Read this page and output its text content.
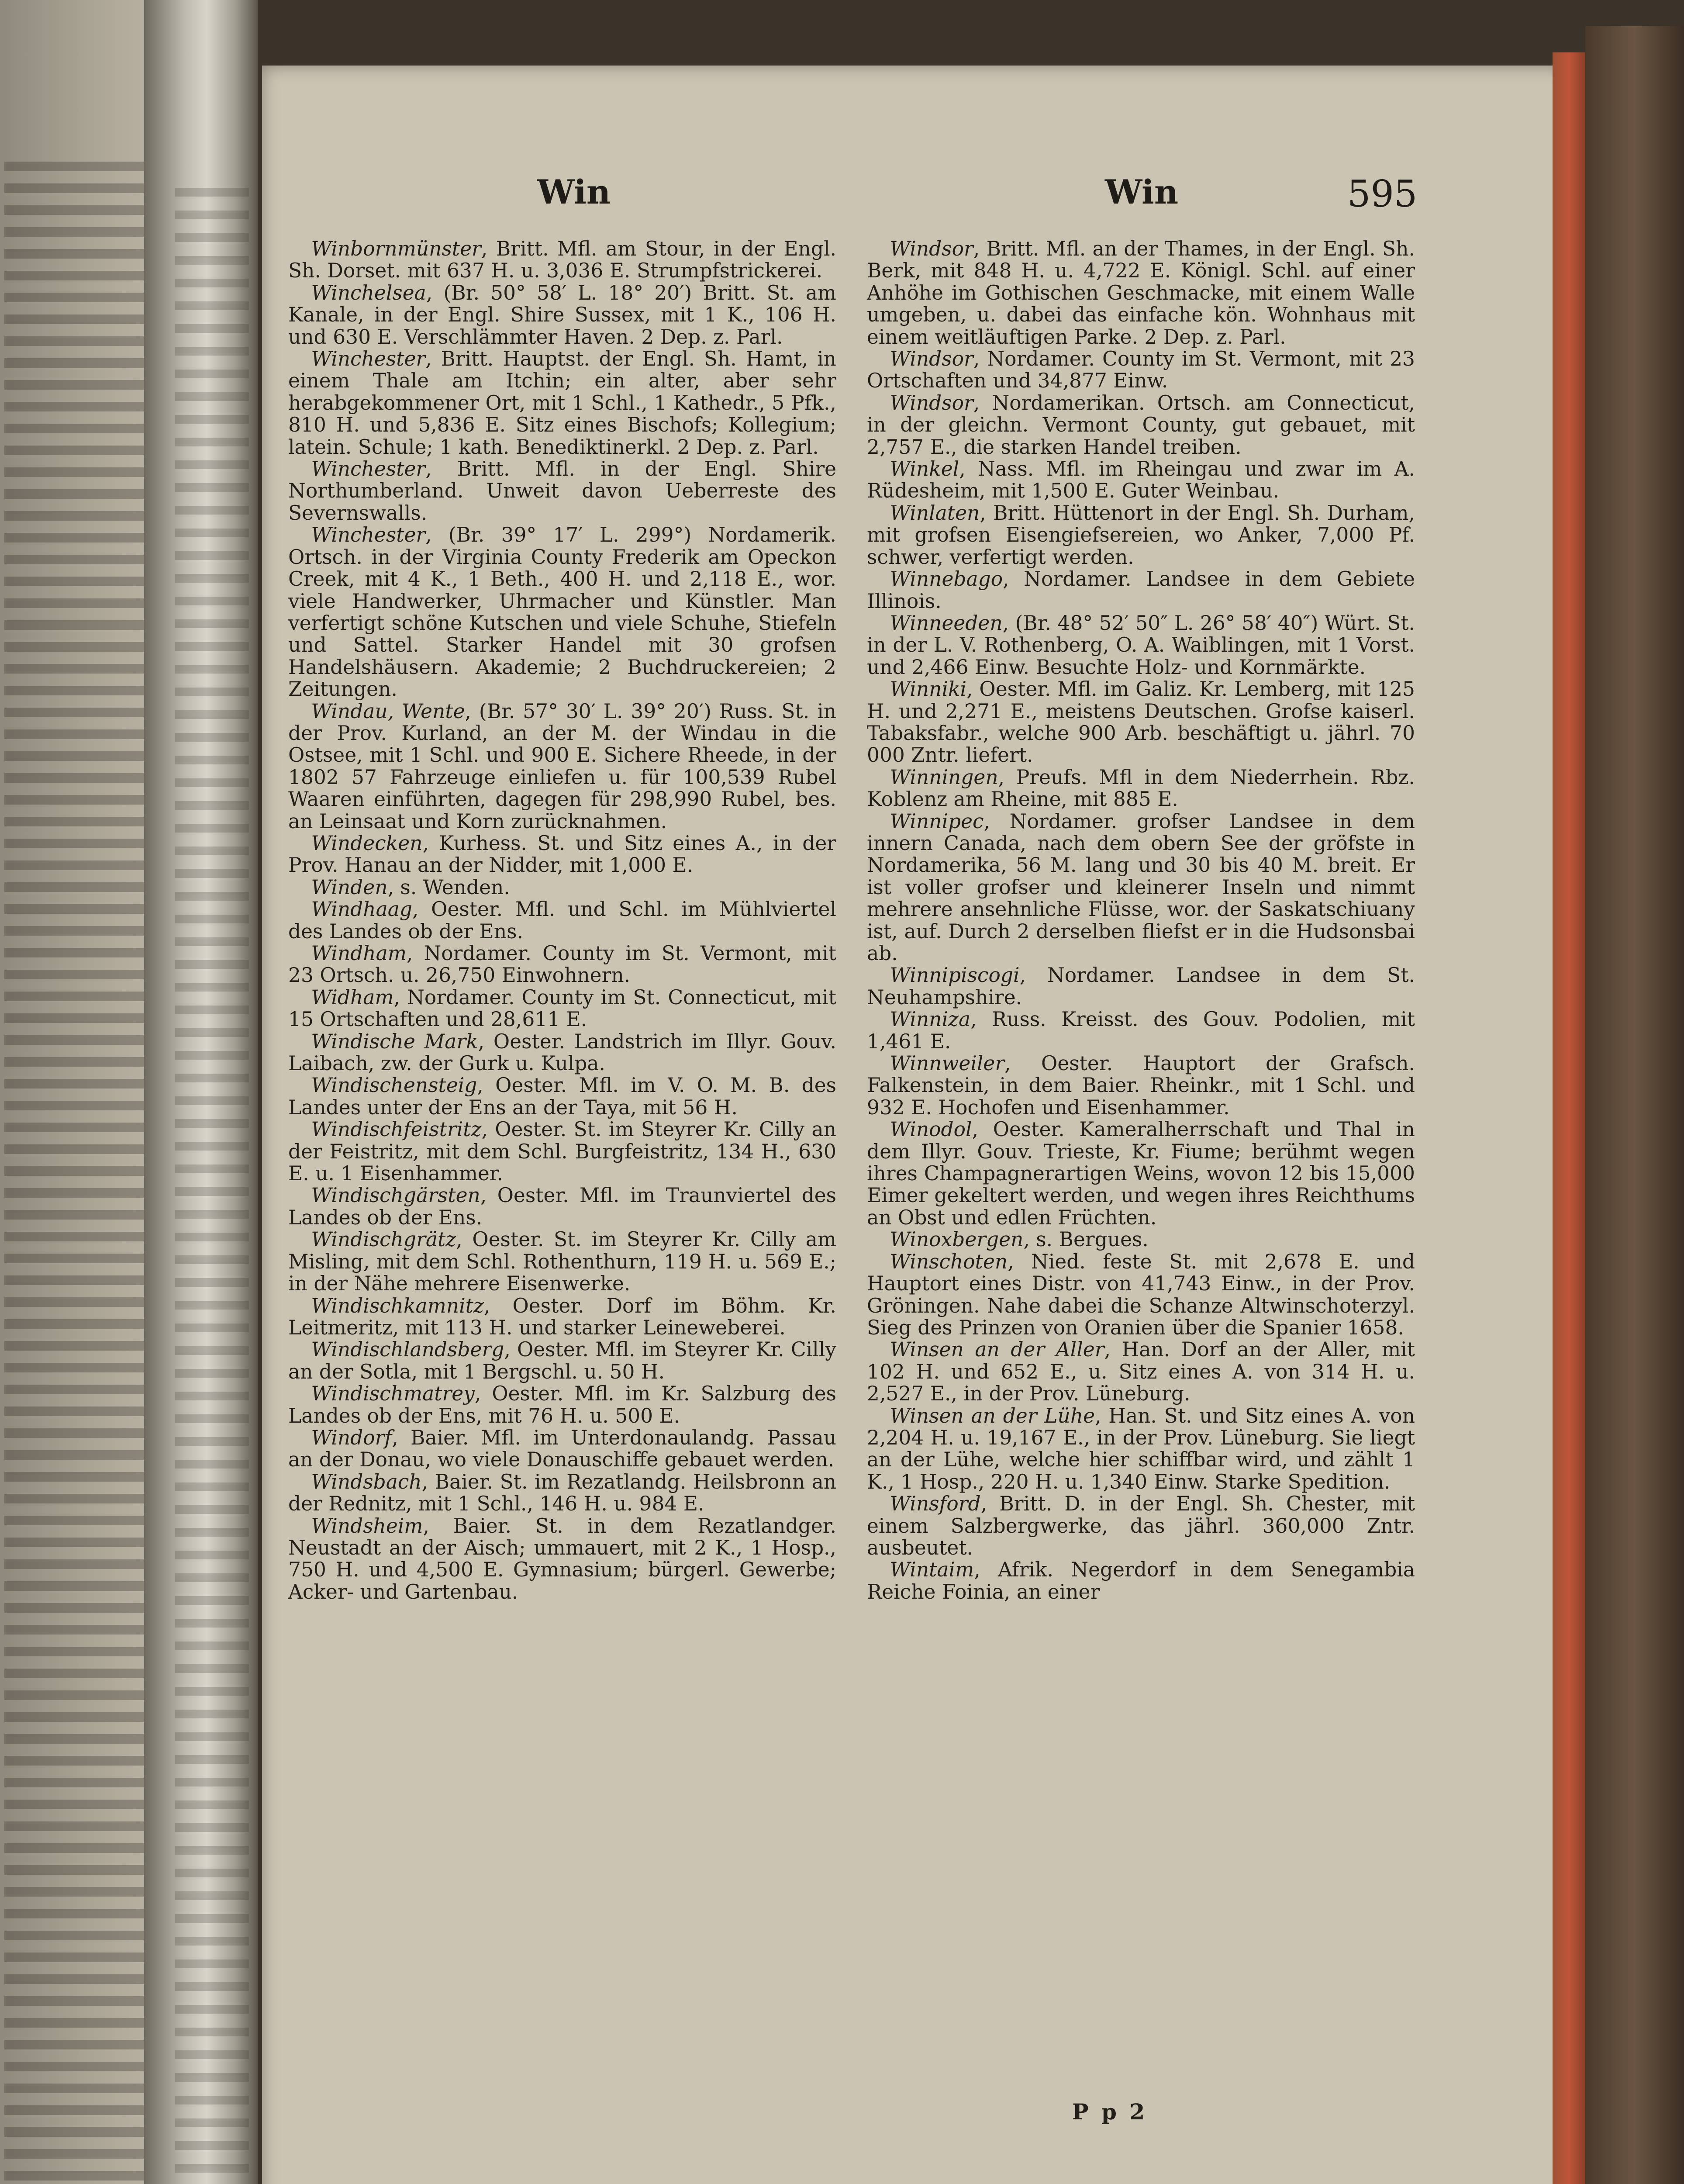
Win	Win	595

Winbornmünster, Britt. Mfl. am Stour, in der Engl. Sh. Dorset. mit 637 H. u. 3,036 E. Strumpfstrickerei.

Winchelsea, (Br. 50° 58′ L. 18° 20′) Britt. St. am Kanale, in der Engl. Shire Sussex, mit 1 K., 106 H. und 630 E. Verschlämmter Haven. 2 Dep. z. Parl.

Winchester, Britt. Hauptst. der Engl. Sh. Hamt, in einem Thale am Itchin; ein alter, aber sehr herabgekommener Ort, mit 1 Schl., 1 Kathedr., 5 Pfk., 810 H. und 5,836 E. Sitz eines Bischofs; Kollegium; latein. Schule; 1 kath. Benediktinerkl. 2 Dep. z. Parl.

Winchester, Britt. Mfl. in der Engl. Shire Northumberland. Unweit davon Ueberreste des Severnswalls.

Winchester, (Br. 39° 17′ L. 299°) Nordamerik. Ortsch. in der Virginia County Frederik am Opeckon Creek, mit 4 K., 1 Beth., 400 H. und 2,118 E., wor. viele Handwerker, Uhrmacher und Künstler. Man verfertigt schöne Kutschen und viele Schuhe, Stiefeln und Sattel. Starker Handel mit 30 grofsen Handelshäusern. Akademie; 2 Buchdruckereien; 2 Zeitungen.

Windau, Wente, (Br. 57° 30′ L. 39° 20′) Russ. St. in der Prov. Kurland, an der M. der Windau in die Ostsee, mit 1 Schl. und 900 E. Sichere Rheede, in der 1802 57 Fahrzeuge einliefen u. für 100,539 Rubel Waaren einführten, dagegen für 298,990 Rubel, bes. an Leinsaat und Korn zurücknahmen.

Windecken, Kurhess. St. und Sitz eines A., in der Prov. Hanau an der Nidder, mit 1,000 E.

Winden, s. Wenden.

Windhaag, Oester. Mfl. und Schl. im Mühlviertel des Landes ob der Ens.

Windham, Nordamer. County im St. Vermont, mit 23 Ortsch. u. 26,750 Einwohnern.

Widham, Nordamer. County im St. Connecticut, mit 15 Ortschaften und 28,611 E.

Windische Mark, Oester. Landstrich im Illyr. Gouv. Laibach, zw. der Gurk u. Kulpa.

Windischensteig, Oester. Mfl. im V. O. M. B. des Landes unter der Ens an der Taya, mit 56 H.

Windischfeistritz, Oester. St. im Steyrer Kr. Cilly an der Feistritz, mit dem Schl. Burgfeistritz, 134 H., 630 E. u. 1 Eisenhammer.

Windischgärsten, Oester. Mfl. im Traunviertel des Landes ob der Ens.

Windischgrätz, Oester. St. im Steyrer Kr. Cilly am Misling, mit dem Schl. Rothenthurn, 119 H. u. 569 E.; in der Nähe mehrere Eisenwerke.

Windischkamnitz, Oester. Dorf im Böhm. Kr. Leitmeritz, mit 113 H. und starker Leineweberei.

Windischlandsberg, Oester. Mfl. im Steyrer Kr. Cilly an der Sotla, mit 1 Bergschl. u. 50 H.

Windischmatrey, Oester. Mfl. im Kr. Salzburg des Landes ob der Ens, mit 76 H. u. 500 E.

Windorf, Baier. Mfl. im Unterdonaulandg. Passau an der Donau, wo viele Donauschiffe gebauet werden.

Windsbach, Baier. St. im Rezatlandg. Heilsbronn an der Rednitz, mit 1 Schl., 146 H. u. 984 E.

Windsheim, Baier. St. in dem Rezatlandger. Neustadt an der Aisch; ummauert, mit 2 K., 1 Hosp., 750 H. und 4,500 E. Gymnasium; bürgerl. Gewerbe; Acker- und Gartenbau.

Windsor, Britt. Mfl. an der Thames, in der Engl. Sh. Berk, mit 848 H. u. 4,722 E. Königl. Schl. auf einer Anhöhe im Gothischen Geschmacke, mit einem Walle umgeben, u. dabei das einfache kön. Wohnhaus mit einem weitläuftigen Parke. 2 Dep. z. Parl.

Windsor, Nordamer. County im St. Vermont, mit 23 Ortschaften und 34,877 Einw.

Windsor, Nordamerikan. Ortsch. am Connecticut, in der gleichn. Vermont County, gut gebauet, mit 2,757 E., die starken Handel treiben.

Winkel, Nass. Mfl. im Rheingau und zwar im A. Rüdesheim, mit 1,500 E. Guter Weinbau.

Winlaten, Britt. Hüttenort in der Engl. Sh. Durham, mit grofsen Eisengiefsereien, wo Anker, 7,000 Pf. schwer, verfertigt werden.

Winnebago, Nordamer. Landsee in dem Gebiete Illinois.

Winneeden, (Br. 48° 52′ 50″ L. 26° 58′ 40″) Würt. St. in der L. V. Rothenberg, O. A. Waiblingen, mit 1 Vorst. und 2,466 Einw. Besuchte Holz- und Kornmärkte.

Winniki, Oester. Mfl. im Galiz. Kr. Lemberg, mit 125 H. und 2,271 E., meistens Deutschen. Grofse kaiserl. Tabaksfabr., welche 900 Arb. beschäftigt u. jährl. 70 000 Zntr. liefert.

Winningen, Preufs. Mfl in dem Niederrhein. Rbz. Koblenz am Rheine, mit 885 E.

Winnipec, Nordamer. grofser Landsee in dem innern Canada, nach dem obern See der gröfste in Nordamerika, 56 M. lang und 30 bis 40 M. breit. Er ist voller grofser und kleinerer Inseln und nimmt mehrere ansehnliche Flüsse, wor. der Saskatschiuany ist, auf. Durch 2 derselben fliefst er in die Hudsonsbai ab.

Winnipiscogi, Nordamer. Landsee in dem St. Neuhampshire.

Winniza, Russ. Kreisst. des Gouv. Podolien, mit 1,461 E.

Winnweiler, Oester. Hauptort der Grafsch. Falkenstein, in dem Baier. Rheinkr., mit 1 Schl. und 932 E. Hochofen und Eisenhammer.

Winodol, Oester. Kameralherrschaft und Thal in dem Illyr. Gouv. Trieste, Kr. Fiume; berühmt wegen ihres Champagnerartigen Weins, wovon 12 bis 15,000 Eimer gekeltert werden, und wegen ihres Reichthums an Obst und edlen Früchten.

Winoxbergen, s. Bergues.

Winschoten, Nied. feste St. mit 2,678 E. und Hauptort eines Distr. von 41,743 Einw., in der Prov. Gröningen. Nahe dabei die Schanze Altwinschoterzyl. Sieg des Prinzen von Oranien über die Spanier 1658.

Winsen an der Aller, Han. Dorf an der Aller, mit 102 H. und 652 E., u. Sitz eines A. von 314 H. u. 2,527 E., in der Prov. Lüneburg.

Winsen an der Lühe, Han. St. und Sitz eines A. von 2,204 H. u. 19,167 E., in der Prov. Lüneburg. Sie liegt an der Lühe, welche hier schiffbar wird, und zählt 1 K., 1 Hosp., 220 H. u. 1,340 Einw. Starke Spedition.

Winsford, Britt. D. in der Engl. Sh. Chester, mit einem Salzbergwerke, das jährl. 360,000 Zntr. ausbeutet.

Wintaim, Afrik. Negerdorf in dem Senegambia Reiche Foinia, an einer

P p 2
